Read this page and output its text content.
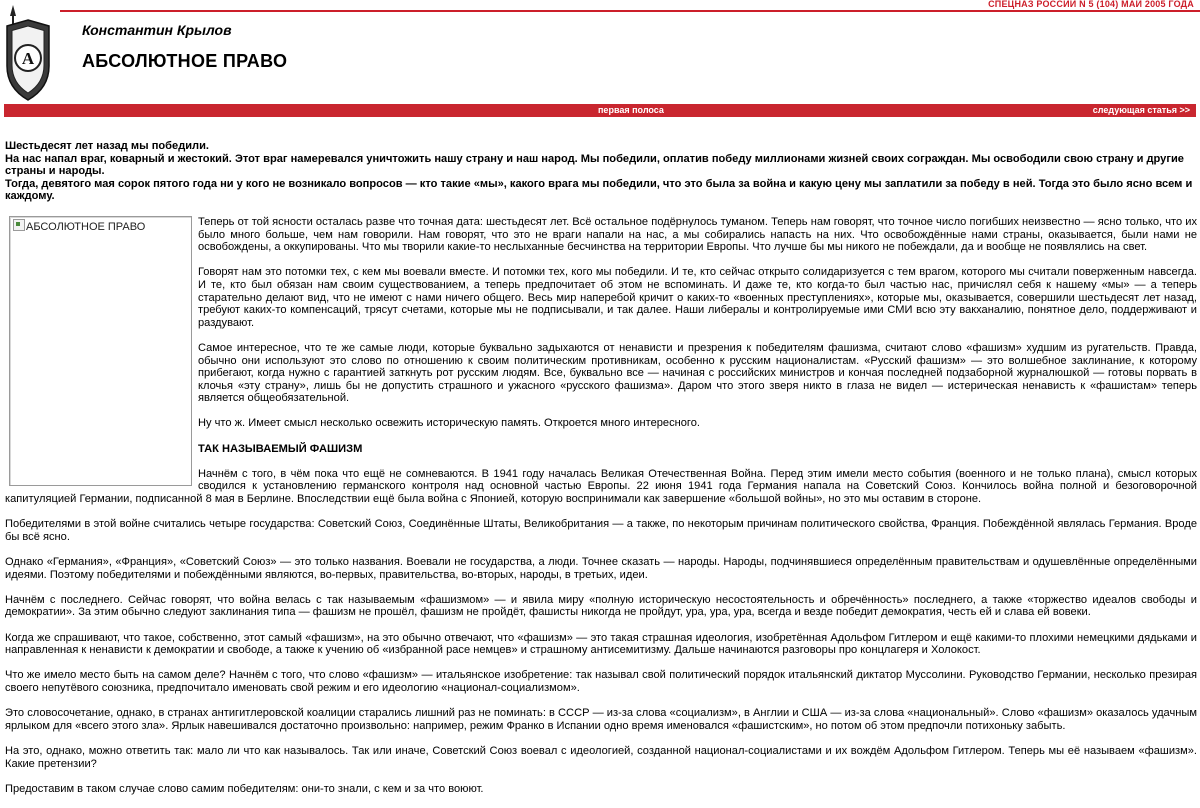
А
СПЕЦНАЗ РОССИИ N 5 (104) МАЙ 2005 ГОДА
Константин Крылов
АБСОЛЮТНОЕ ПРАВО
первая полоса	следующая статья >>

Шестьдесят лет назад мы победили.

На нас напал враг, коварный и жестокий. Этот враг намеревался уничтожить нашу страну и наш народ. Мы победили, оплатив победу миллионами жизней своих сограждан. Мы освободили свою страну и другие страны и народы.

Тогда, девятого мая сорок пятого года ни у кого не возникало вопросов — кто такие «мы», какого врага мы победили, что это была за война и какую цену мы заплатили за победу в ней. Тогда это было ясно всем и каждому.

АБСОЛЮТНОЕ ПРАВО	Теперь от той ясности осталась разве что точная дата: шестьдесят лет. Всё остальное подёрнулось туманом. Теперь нам говорят, что точное число погибших неизвестно — ясно только, что их было много больше, чем нам говорили. Нам говорят, что это не враги напали на нас, а мы собирались напасть на них. Что освобождённые нами страны, оказывается, были нами не освобождены, а оккупированы. Что мы творили какие-то неслыханные бесчинства на территории Европы. Что лучше бы мы никого не побеждали, да и вообще не появлялись на свет.

Говорят нам это потомки тех, с кем мы воевали вместе. И потомки тех, кого мы победили. И те, кто сейчас открыто солидаризуется с тем врагом, которого мы считали поверженным навсегда. И те, кто был обязан нам своим существованием, а теперь предпочитает об этом не вспоминать. И даже те, кто когда-то был частью нас, причислял себя к нашему «мы» — а теперь старательно делают вид, что не имеют с нами ничего общего. Весь мир наперебой кричит о каких-то «военных преступлениях», которые мы, оказывается, совершили шестьдесят лет назад, требуют каких-то компенсаций, трясут счетами, которые мы не подписывали, и так далее. Наши либералы и контролируемые ими СМИ всю эту вакханалию, понятное дело, поддерживают и раздувают.

Самое интересное, что те же самые люди, которые буквально задыхаются от ненависти и презрения к победителям фашизма, считают слово «фашизм» худшим из ругательств. Правда, обычно они используют это слово по отношению к своим политическим противникам, особенно к русским националистам. «Русский фашизм» — это волшебное заклинание, к которому прибегают, когда нужно с гарантией заткнуть рот русским людям. Все, буквально все — начиная с российских министров и кончая последней подзаборной журналюшкой — готовы порвать в клочья «эту страну», лишь бы не допустить страшного и ужасного «русского фашизма». Даром что этого зверя никто в глаза не видел — истерическая ненависть к «фашистам» теперь является общеобязательной.

Ну что ж. Имеет смысл несколько освежить историческую память. Откроется много интересного.

ТАК НАЗЫВАЕМЫЙ ФАШИЗМ

Начнём с того, в чём пока что ещё не сомневаются. В 1941 году началась Великая Отечественная Война. Перед этим имели место события (военного и не только плана), смысл которых сводился к установлению германского контроля над основной частью Европы. 22 июня 1941 года Германия напала на Советский Союз. Кончилось война полной и безоговорочной капитуляцией Германии, подписанной 8 мая в Берлине. Впоследствии ещё была война с Японией, которую воспринимали как завершение «большой войны», но это мы оставим в стороне.

Победителями в этой войне считались четыре государства: Советский Союз, Соединённые Штаты, Великобритания — а также, по некоторым причинам политического свойства, Франция. Побеждённой являлась Германия. Вроде бы всё ясно.

Однако «Германия», «Франция», «Советский Союз» — это только названия. Воевали не государства, а люди. Точнее сказать — народы. Народы, подчинявшиеся определённым правительствам и одушевлённые определёнными идеями. Поэтому победителями и побеждёнными являются, во-первых, правительства, во-вторых, народы, в третьих, идеи.

Начнём с последнего. Сейчас говорят, что война велась с так называемым «фашизмом» — и явила миру «полную историческую несостоятельность и обречённость» последнего, а также «торжество идеалов свободы и демократии». За этим обычно следуют заклинания типа — фашизм не прошёл, фашизм не пройдёт, фашисты никогда не пройдут, ура, ура, ура, всегда и везде победит демократия, честь ей и слава ей вовеки.

Когда же спрашивают, что такое, собственно, этот самый «фашизм», на это обычно отвечают, что «фашизм» — это такая страшная идеология, изобретённая Адольфом Гитлером и ещё какими-то плохими немецкими дядьками и направленная к ненависти к демократии и свободе, а также к учению об «избранной расе немцев» и страшному антисемитизму. Дальше начинаются разговоры про концлагеря и Холокост.

Что же имело место быть на самом деле? Начнём с того, что слово «фашизм» — итальянское изобретение: так называл свой политический порядок итальянский диктатор Муссолини. Руководство Германии, несколько презирая своего непутёвого союзника, предпочитало именовать свой режим и его идеологию «национал-социализмом».

Это словосочетание, однако, в странах антигитлеровской коалиции старались лишний раз не поминать: в СССР — из-за слова «социализм», в Англии и США — из-за слова «национальный». Слово «фашизм» оказалось удачным ярлыком для «всего этого зла». Ярлык навешивался достаточно произвольно: например, режим Франко в Испании одно время именовался «фашистским», но потом об этом предпочли потихоньку забыть.

На это, однако, можно ответить так: мало ли что как называлось. Так или иначе, Советский Союз воевал с идеологией, созданной национал-социалистами и их вождём Адольфом Гитлером. Теперь мы её называем «фашизм». Какие претензии?

Предоставим в таком случае слово самим победителям: они-то знали, с кем и за что воюют.
